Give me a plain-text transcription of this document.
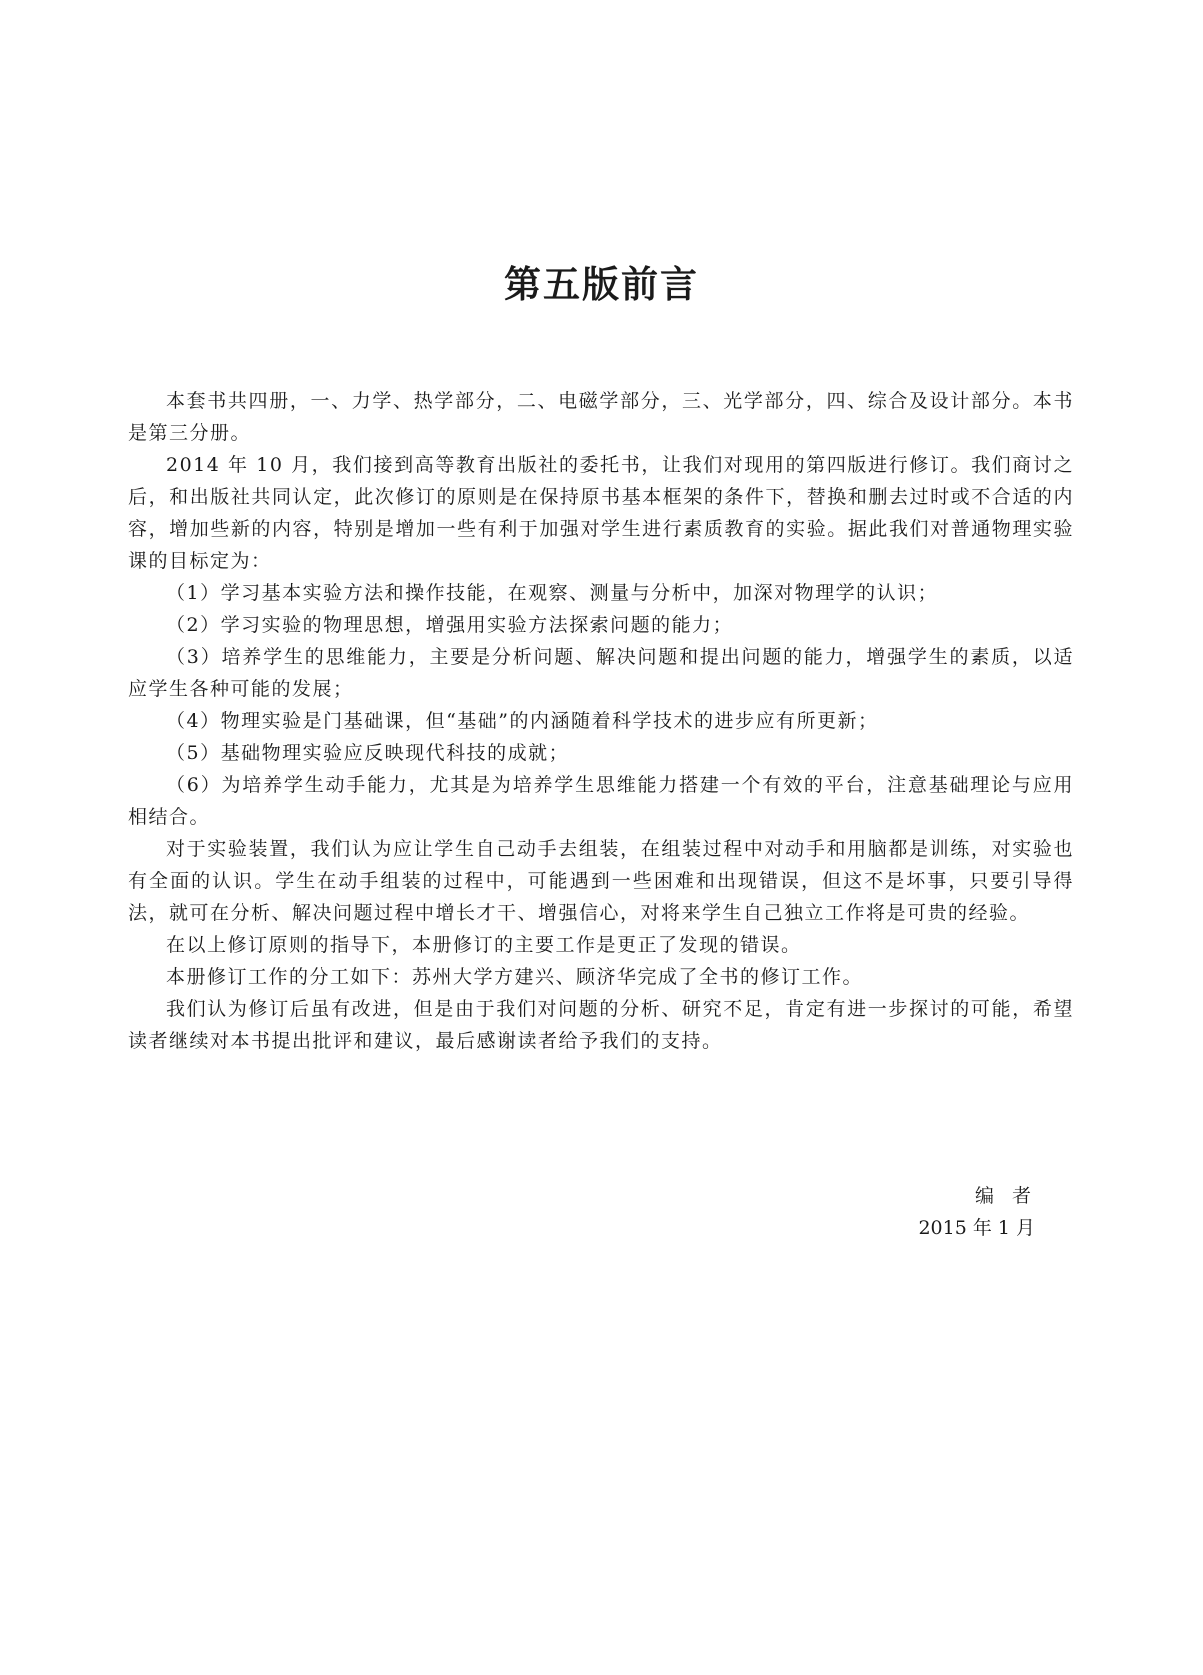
第五版前言

本套书共四册，一、力学、热学部分，二、电磁学部分，三、光学部分，四、综合及设计部分。本书是第三分册。

2014 年 10 月，我们接到高等教育出版社的委托书，让我们对现用的第四版进行修订。我们商讨之后，和出版社共同认定，此次修订的原则是在保持原书基本框架的条件下，替换和删去过时或不合适的内容，增加些新的内容，特别是增加一些有利于加强对学生进行素质教育的实验。据此我们对普通物理实验课的目标定为：

（1）学习基本实验方法和操作技能，在观察、测量与分析中，加深对物理学的认识；

（2）学习实验的物理思想，增强用实验方法探索问题的能力；

（3）培养学生的思维能力，主要是分析问题、解决问题和提出问题的能力，增强学生的素质，以适应学生各种可能的发展；

（4）物理实验是门基础课，但“基础”的内涵随着科学技术的进步应有所更新；

（5）基础物理实验应反映现代科技的成就；

（6）为培养学生动手能力，尤其是为培养学生思维能力搭建一个有效的平台，注意基础理论与应用相结合。

对于实验装置，我们认为应让学生自己动手去组装，在组装过程中对动手和用脑都是训练，对实验也有全面的认识。学生在动手组装的过程中，可能遇到一些困难和出现错误，但这不是坏事，只要引导得法，就可在分析、解决问题过程中增长才干、增强信心，对将来学生自己独立工作将是可贵的经验。

在以上修订原则的指导下，本册修订的主要工作是更正了发现的错误。

本册修订工作的分工如下：苏州大学方建兴、顾济华完成了全书的修订工作。

我们认为修订后虽有改进，但是由于我们对问题的分析、研究不足，肯定有进一步探讨的可能，希望读者继续对本书提出批评和建议，最后感谢读者给予我们的支持。

编者
2015 年 1 月
